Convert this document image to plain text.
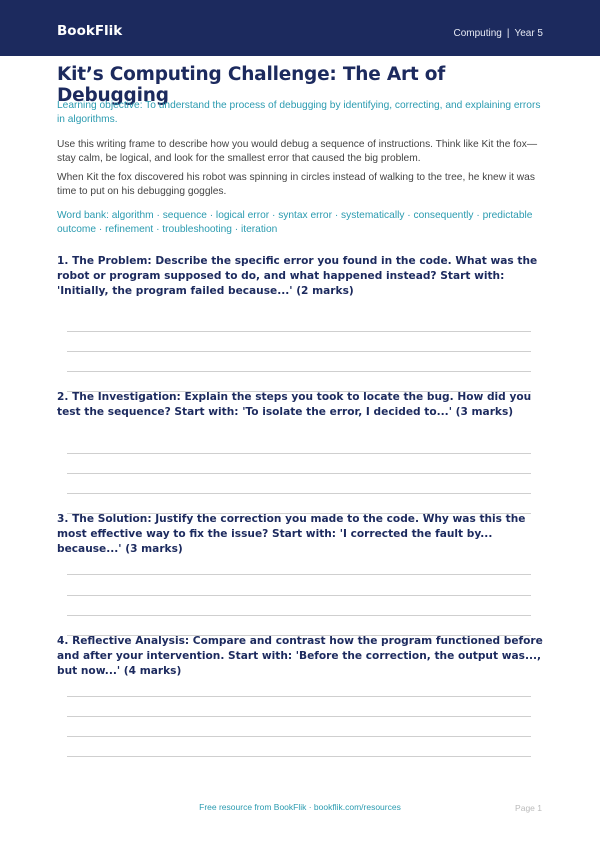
BookFlik	Computing | Year 5
Kit’s Computing Challenge: The Art of Debugging

Learning objective: To understand the process of debugging by identifying, correcting, and explaining errors in algorithms.

Use this writing frame to describe how you would debug a sequence of instructions. Think like Kit the fox—stay calm, be logical, and look for the smallest error that caused the big problem.

When Kit the fox discovered his robot was spinning in circles instead of walking to the tree, he knew it was time to put on his debugging goggles.

Word bank: algorithm · sequence · logical error · syntax error · systematically · consequently · predictable outcome · refinement · troubleshooting · iteration

1. The Problem: Describe the specific error you found in the code. What was the robot or program supposed to do, and what happened instead? Start with: 'Initially, the program failed because...' (2 marks)
2. The Investigation: Explain the steps you took to locate the bug. How did you test the sequence? Start with: 'To isolate the error, I decided to...' (3 marks)
3. The Solution: Justify the correction you made to the code. Why was this the most effective way to fix the issue? Start with: 'I corrected the fault by... because...' (3 marks)
4. Reflective Analysis: Compare and contrast how the program functioned before and after your intervention. Start with: 'Before the correction, the output was..., but now...' (4 marks)
Free resource from BookFlik · bookflik.com/resources	Page 1
